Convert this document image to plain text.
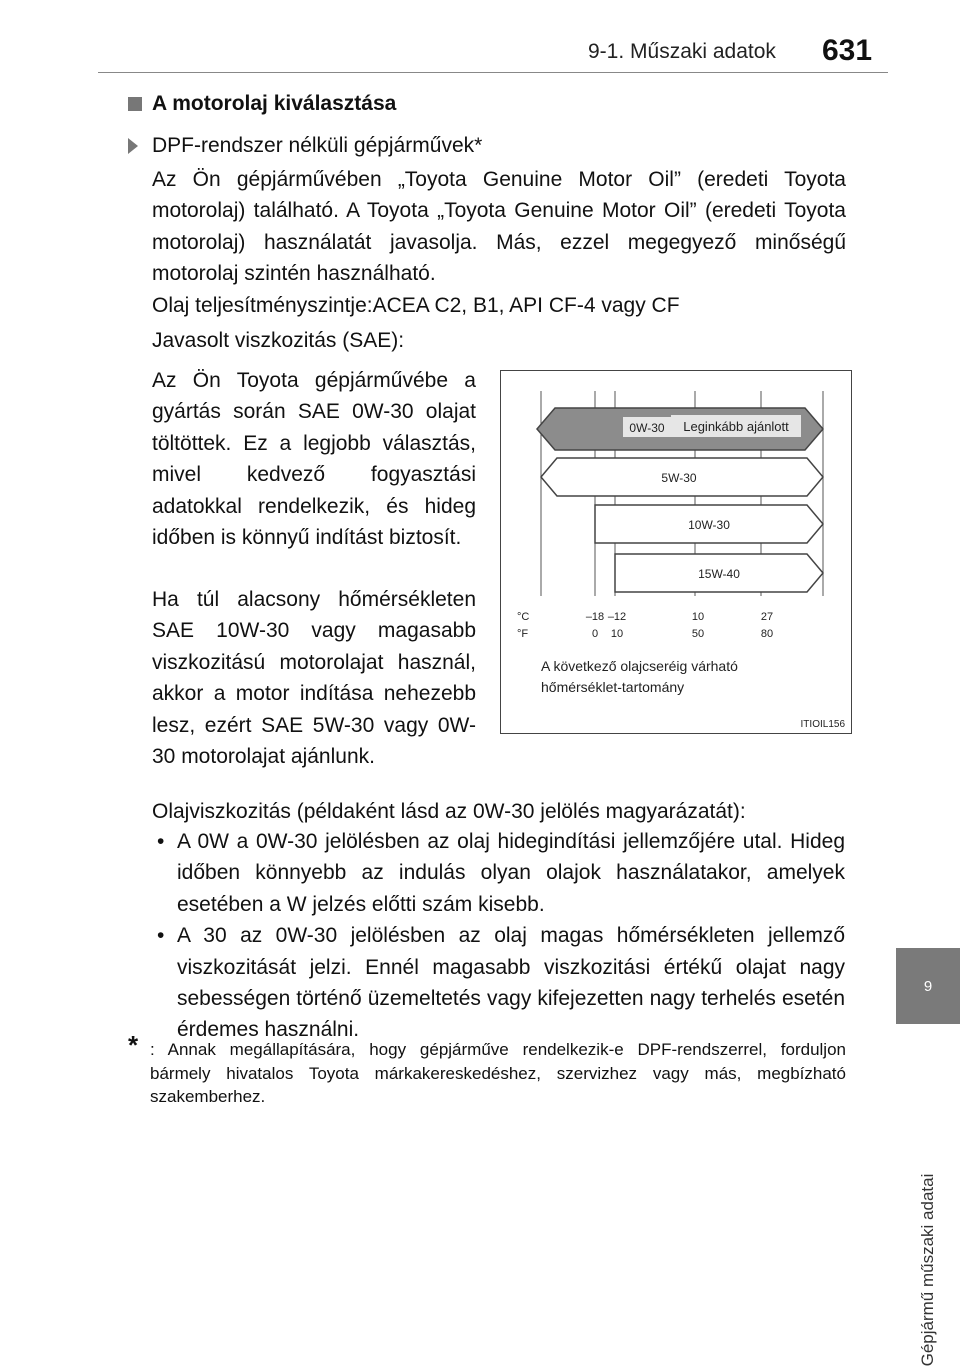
9-1. Műszaki adatok 631
9
Gépjármű műszaki adatai
A motorolaj kiválasztása
DPF-rendszer nélküli gépjárművek*

Az Ön gépjárművében „Toyota Genuine Motor Oil” (eredeti Toyota motorolaj) található. A Toyota „Toyota Genuine Motor Oil” (eredeti Toyota motorolaj) használatát javasolja. Más, ezzel megegyező minőségű motorolaj szintén használható.

Olaj teljesítményszintje:ACEA C2, B1, API CF-4 vagy CF

Javasolt viszkozitás (SAE):

Az Ön Toyota gépjárművébe a gyártás során SAE 0W-30 olajat töltöttek. Ez a legjobb választás, mivel kedvező fogyasztási adatokkal rendelkezik, és hideg időben is könnyű indítást biztosít.

Ha túl alacsony hőmérsékleten SAE 10W-30 vagy magasabb viszkozitású motorolajat használ, akkor a motor indítása nehezebb lesz, ezért SAE 5W-30 vagy 0W-30 motorolajat ajánlunk.

0W-30 Leginkább ajánlott
5W-30
10W-30
15W-40
°C
°F
–18 –12	10	27
0 10	50	80
A következő olajcseréig várható
hőmérséklet-tartomány
ITIOIL156

Olajviszkozitás (példaként lásd az 0W-30 jelölés magyarázatát):

• A 0W a 0W-30 jelölésben az olaj hidegindítási jellemzőjére utal. Hideg időben könnyebb az indulás olyan olajok használatakor, amelyek esetében a W jelzés előtti szám kisebb.
• A 30 az 0W-30 jelölésben az olaj magas hőmérsékleten jellemző viszkozitását jelzi. Ennél magasabb viszkozitási értékű olajat nagy sebességen történő üzemeltetés vagy kifejezetten nagy terhelés esetén érdemes használni.
* : Annak megállapítására, hogy gépjárműve rendelkezik-e DPF-rendszerrel, forduljon bármely hivatalos Toyota márkakereskedéshez, szervizhez vagy más, megbízható szakemberhez.
